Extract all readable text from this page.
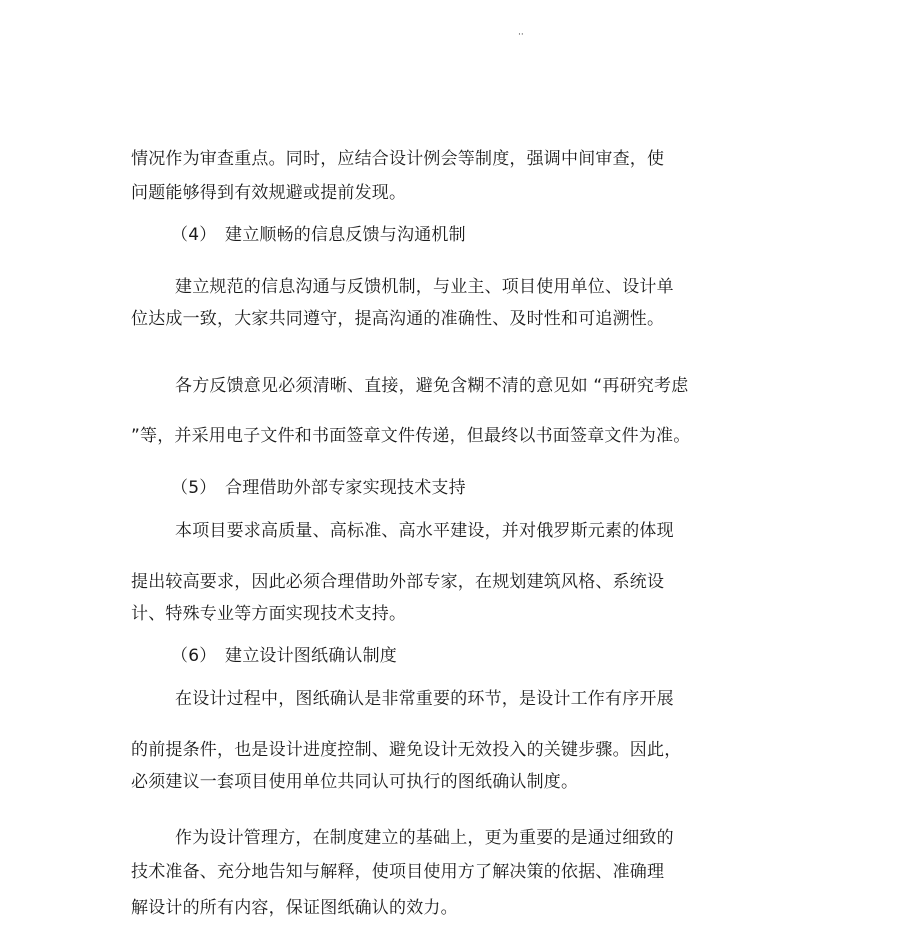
··
情况作为审查重点。同时，应结合设计例会等制度，强调中间审查，使
问题能够得到有效规避或提前发现。
（4） 建立顺畅的信息反馈与沟通机制
建立规范的信息沟通与反馈机制，与业主、项目使用单位、设计单
位达成一致，大家共同遵守，提高沟通的准确性、及时性和可追溯性。
各方反馈意见必须清晰、直接，避免含糊不清的意见如 “再研究考虑
”等，并采用电子文件和书面签章文件传递，但最终以书面签章文件为准。
（5） 合理借助外部专家实现技术支持
本项目要求高质量、高标准、高水平建设，并对俄罗斯元素的体现
提出较高要求，因此必须合理借助外部专家，在规划建筑风格、系统设
计、特殊专业等方面实现技术支持。
（6） 建立设计图纸确认制度
在设计过程中，图纸确认是非常重要的环节，是设计工作有序开展
的前提条件，也是设计进度控制、避免设计无效投入的关键步骤。因此，
必须建议一套项目使用单位共同认可执行的图纸确认制度。
作为设计管理方，在制度建立的基础上，更为重要的是通过细致的
技术准备、充分地告知与解释，使项目使用方了解决策的依据、准确理
解设计的所有内容，保证图纸确认的效力。
